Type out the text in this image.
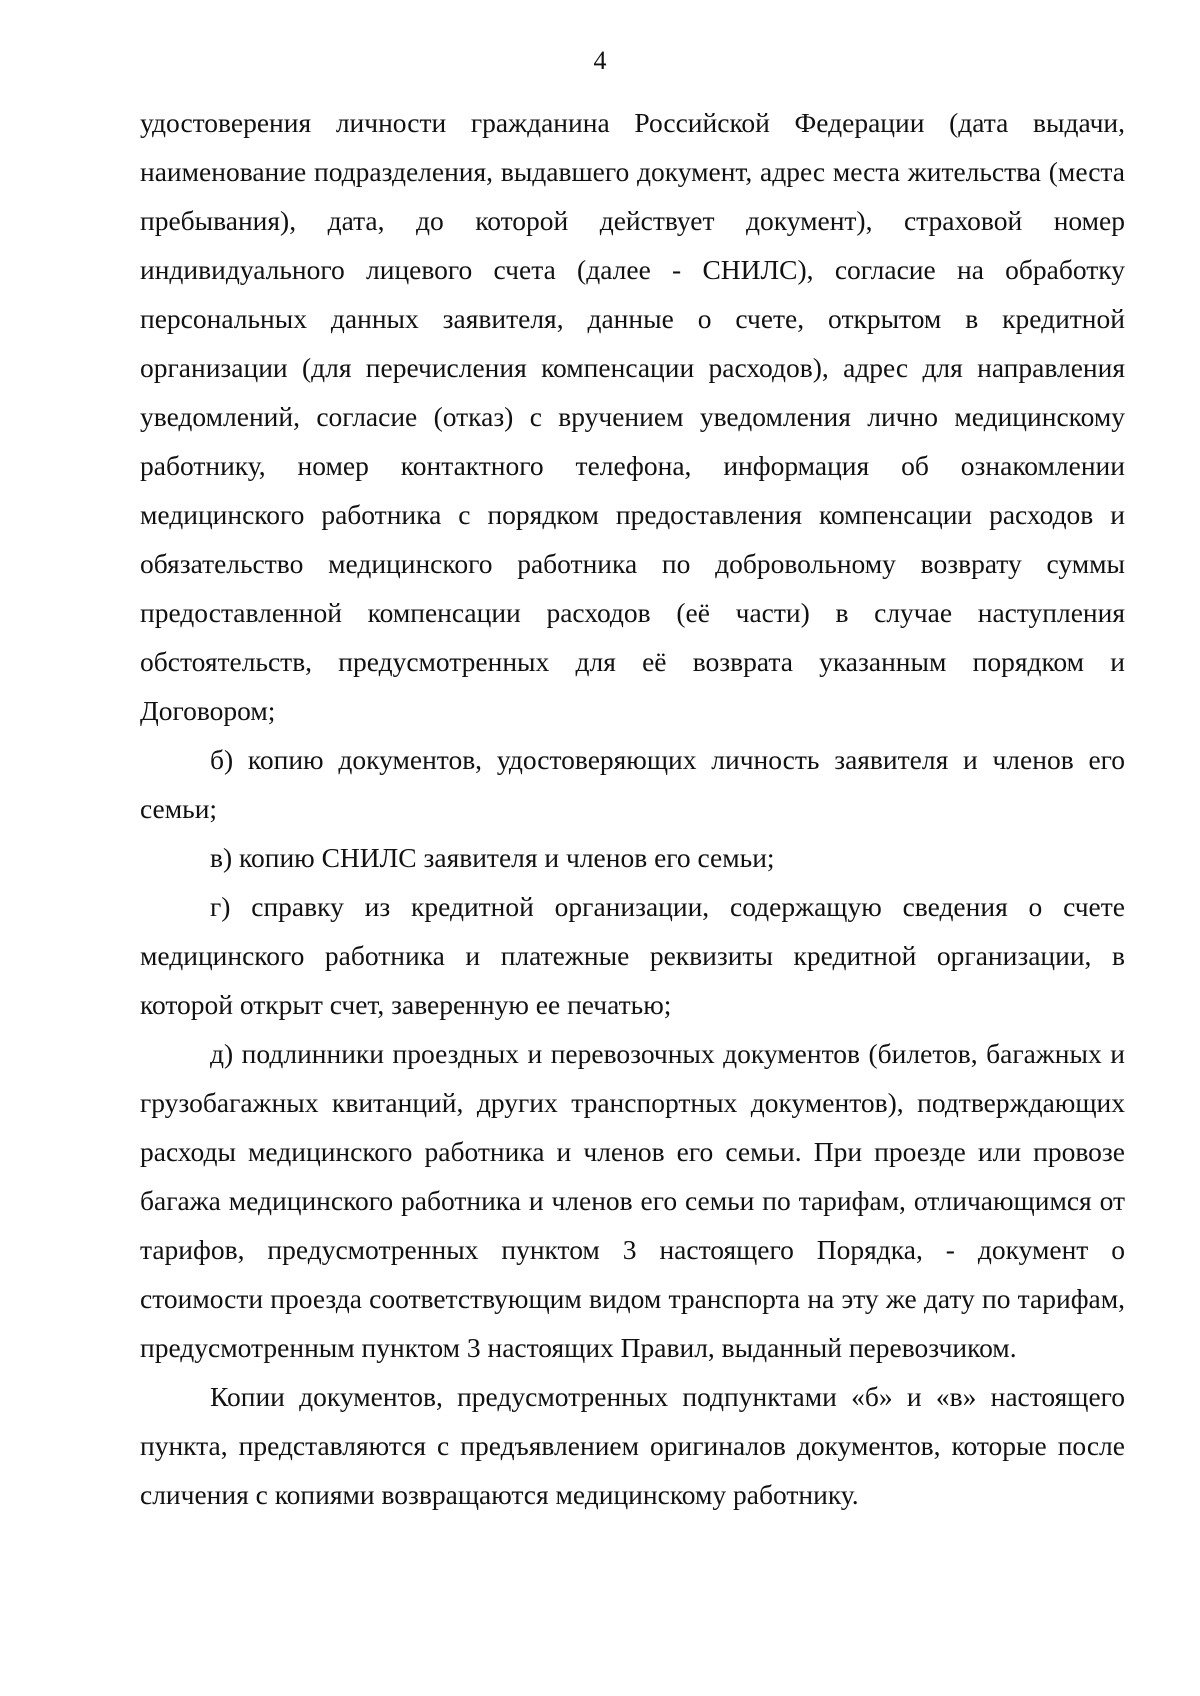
4

удостоверения личности гражданина Российской Федерации (дата выдачи, наименование подразделения, выдавшего документ, адрес места жительства (места пребывания), дата, до которой действует документ), страховой номер индивидуального лицевого счета (далее - СНИЛС), согласие на обработку персональных данных заявителя, данные о счете, открытом в кредитной организации (для перечисления компенсации расходов), адрес для направления уведомлений, согласие (отказ) с вручением уведомления лично медицинскому работнику, номер контактного телефона, информация об ознакомлении медицинского работника с порядком предоставления компенсации расходов и обязательство медицинского работника по добровольному возврату суммы предоставленной компенсации расходов (её части) в случае наступления обстоятельств, предусмотренных для её возврата указанным порядком и Договором;

б) копию документов, удостоверяющих личность заявителя и членов его семьи;

в) копию СНИЛС заявителя и членов его семьи;

г) справку из кредитной организации, содержащую сведения о счете медицинского работника и платежные реквизиты кредитной организации, в которой открыт счет, заверенную ее печатью;

д) подлинники проездных и перевозочных документов (билетов, багажных и грузобагажных квитанций, других транспортных документов), подтверждающих расходы медицинского работника и членов его семьи. При проезде или провозе багажа медицинского работника и членов его семьи по тарифам, отличающимся от тарифов, предусмотренных пунктом 3 настоящего Порядка, - документ о стоимости проезда соответствующим видом транспорта на эту же дату по тарифам, предусмотренным пунктом 3 настоящих Правил, выданный перевозчиком.

Копии документов, предусмотренных подпунктами «б» и «в» настоящего пункта, представляются с предъявлением оригиналов документов, которые после сличения с копиями возвращаются медицинскому работнику.
